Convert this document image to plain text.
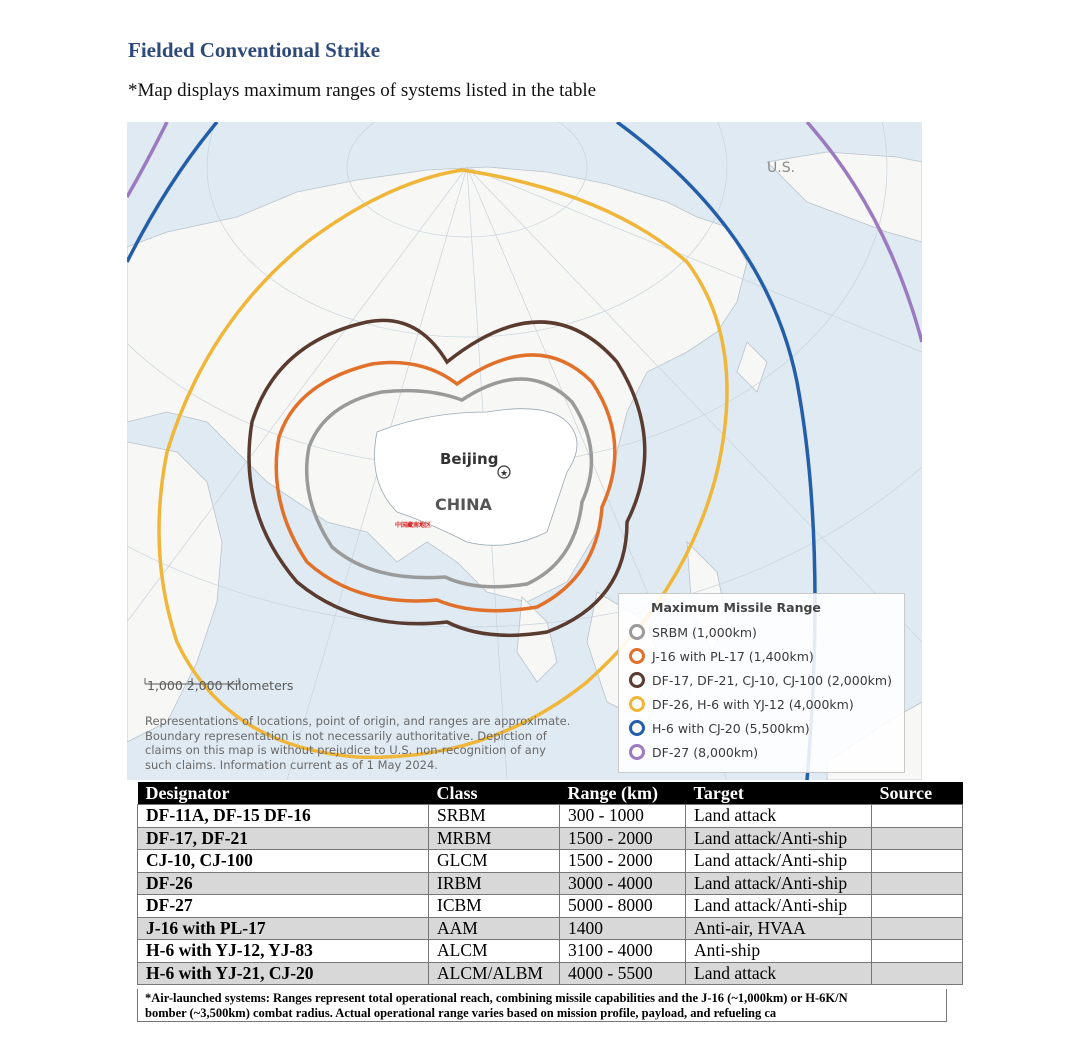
Fielded Conventional Strike
*Map displays maximum ranges of systems listed in the table
★
Beijing
CHINA
U.S.
中国藏南地区
1,000 2,000 Kilometers
Representations of locations, point of origin, and ranges are approximate. Boundary representation is not necessarily authoritative. Depiction of claims on this map is without prejudice to U.S. non-recognition of any such claims. Information current as of 1 May 2024.
Maximum Missile Range
SRBM (1,000km)
J-16 with PL-17 (1,400km)
DF-17, DF-21, CJ-10, CJ-100 (2,000km)
DF-26, H-6 with YJ-12 (4,000km)
H-6 with CJ-20 (5,500km)
DF-27 (8,000km)
Designator	Class	Range (km)	Target	Source
DF-11A, DF-15 DF-16	SRBM	300 - 1000	Land attack	
DF-17, DF-21	MRBM	1500 - 2000	Land attack/Anti-ship	
CJ-10, CJ-100	GLCM	1500 - 2000	Land attack/Anti-ship	
DF-26	IRBM	3000 - 4000	Land attack/Anti-ship	
DF-27	ICBM	5000 - 8000	Land attack/Anti-ship	
J-16 with PL-17	AAM	1400	Anti-air, HVAA	
H-6 with YJ-12, YJ-83	ALCM	3100 - 4000	Anti-ship	
H-6 with YJ-21, CJ-20	ALCM/ALBM	4000 - 5500	Land attack	
*Air-launched systems: Ranges represent total operational reach, combining missile capabilities and the J-16 (~1,000km) or H-6K/N
bomber (~3,500km) combat radius. Actual operational range varies based on mission profile, payload, and refueling ca
